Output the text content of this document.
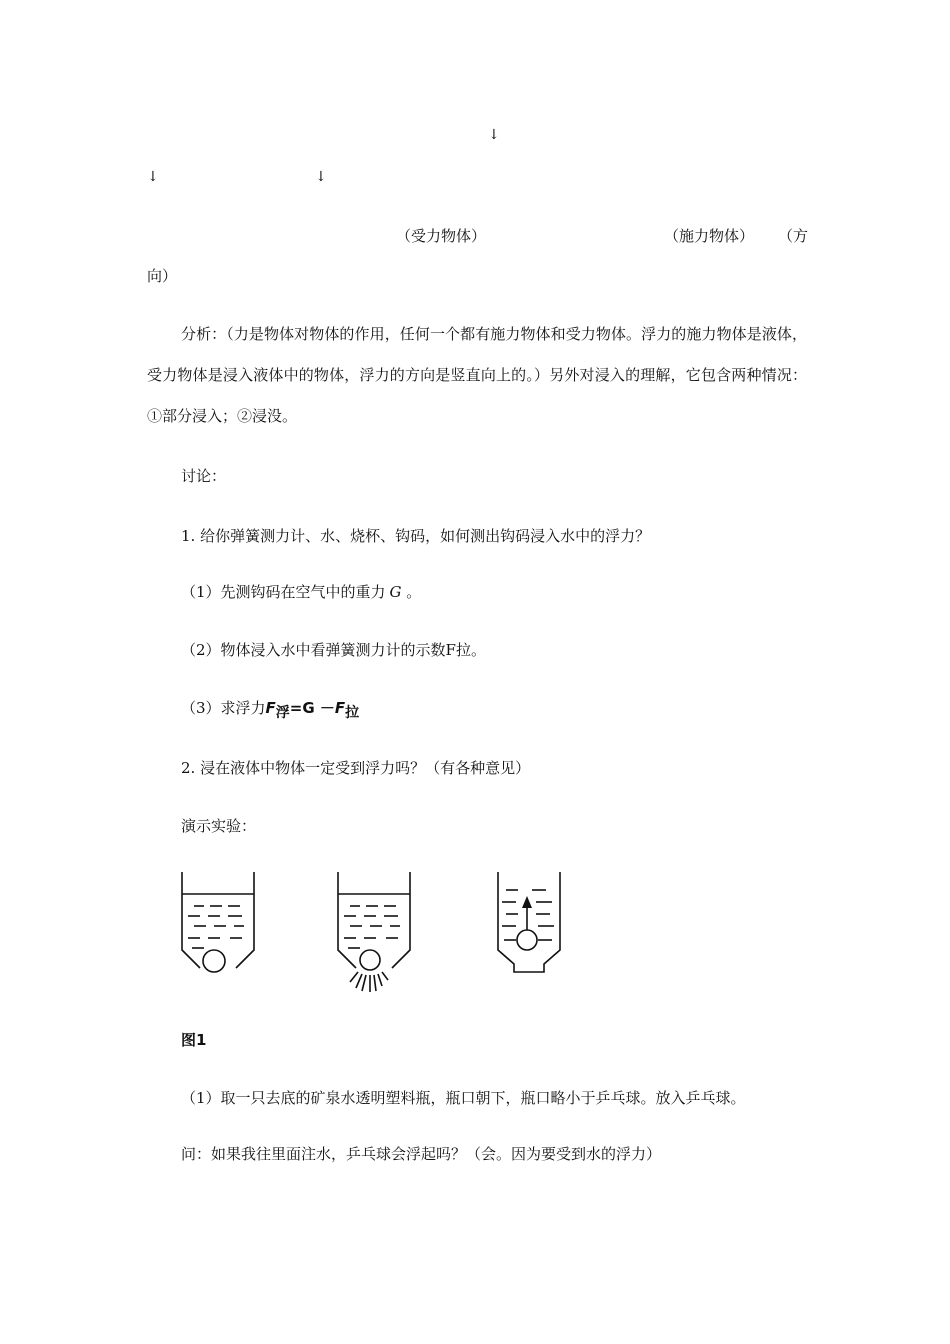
↓
↓	↓
（受力物体）	（施力物体） （方
向）
分析：（力是物体对物体的作用，任何一个都有施力物体和受力物体。浮力的施力物体是液体，受力物体是浸入液体中的物体，浮力的方向是竖直向上的。）另外对浸入的理解，它包含两种情况：①部分浸入；②浸没。
讨论：
1. 给你弹簧测力计、水、烧杯、钩码，如何测出钩码浸入水中的浮力？
（1）先测钩码在空气中的重力 G 。
（2）物体浸入水中看弹簧测力计的示数F拉。
（3）求浮力F浮=G －F拉
2. 浸在液体中物体一定受到浮力吗？（有各种意见）
演示实验：
图1
（1）取一只去底的矿泉水透明塑料瓶，瓶口朝下，瓶口略小于乒乓球。放入乒乓球。
问：如果我往里面注水，乒乓球会浮起吗？（会。因为要受到水的浮力）
